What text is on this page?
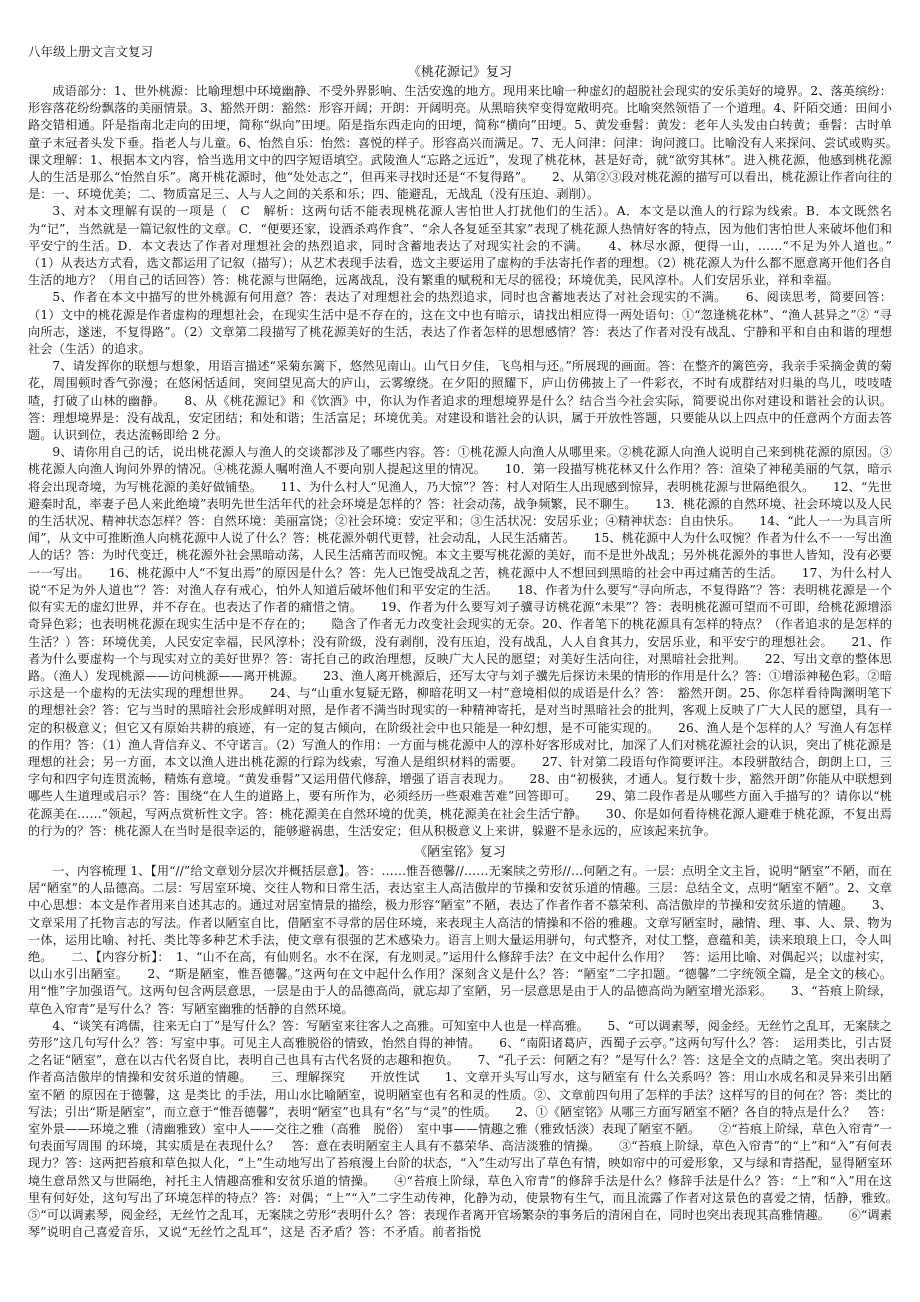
八年级上册文言文复习
《桃花源记》复习

成语部分：1、世外桃源：比喻理想中环境幽静、不受外界影响、生活安逸的地方。现用来比喻一种虚幻的超脱社会现实的安乐美好的境界。2、落英缤纷：形容落花纷纷飘落的美丽情景。3、豁然开朗：豁然：形容开阔；开朗：开阔明亮。从黑暗狭窄变得宽敞明亮。比喻突然领悟了一个道理。4、阡陌交通：田间小路交错相通。阡是指南北走向的田埂，简称“纵向”田埂。陌是指东西走向的田埂，简称“横向”田埂。5、黄发垂髫：黄发：老年人头发由白转黄；垂髫：古时单童子末冠者头发下垂。指老人与儿童。6、怡然自乐：怡然：喜悦的样子。形容高兴而满足。7、无人问津：问津：询问渡口。比喻没有人来探问、尝试或购买。　　课文理解：1、根据本文内容，恰当选用文中的四字短语填空。武陵渔人“忘路之远近”，发现了桃花林，甚是好奇，就“欲穷其林”。进入桃花源，他感到桃花源人的生活是那么“怡然自乐”。离开桃花源时，他“处处志之”，但再来寻找时还是“不复得路”。　　2、从第②③段对桃花源的描写可以看出，桃花源让作者向往的是：一、环境优美；二、物质富足三、人与人之间的关系和乐；四、能避乱，无战乱（没有压迫、剥削）。

3、对本文理解有误的一项是（　C　解析：这两句话不能表现桃花源人害怕世人打扰他们的生活）。A．本文是以渔人的行踪为线索。B．本文既然名为“记”，当然就是一篇记叙性的文章。C．“便要还家，设酒杀鸡作食”、“余人各复延至其家”表现了桃花源人热情好客的特点，因为他们害怕世人来破坏他们和平安宁的生活。D．本文表达了作者对理想社会的热烈追求，同时含蓄地表达了对现实社会的不满。　　4、林尽水源，便得一山，……“不足为外人道也。”　　（1）从表达方式看，选文都运用了记叙（描写）；从艺术表现手法看，选文主要运用了虚构的手法寄托作者的理想。（2）桃花源人为什么都不愿意离开他们各自生活的地方？（用自己的话回答）答：桃花源与世隔绝，远离战乱，没有繁重的赋税和无尽的徭役；环境优美，民风淳朴。人们安居乐业，祥和幸福。

5、作者在本文中描写的世外桃源有何用意？答：表达了对理想社会的热烈追求，同时也含蓄地表达了对社会现实的不满。　　6、阅读思考，简要回答：（1）文中的桃花源是作者虚构的理想社会，在现实生活中是不存在的，这在文中也有暗示，请找出相应得一两处语句：①“忽逢桃花林”、“渔人甚异之”② “寻向所志，遂迷，不复得路”。（2）文章第二段描写了桃花源美好的生活，表达了作者怎样的思想感情？答：表达了作者对没有战乱、宁静和平和自由和谐的理想社会（生活）的追求。

7、请发挥你的联想与想象，用语言描述“采菊东篱下，悠然见南山。山气日夕佳，飞鸟相与还。”所展现的画面。答：在整齐的篱笆旁，我亲手采摘金黄的菊花，周围顿时香气弥漫；在悠闲恬适间，突间望见高大的庐山，云雾缭绕。在夕阳的照耀下，庐山仿佛披上了一件彩衣，不时有成群结对归巢的鸟儿，吱吱喳喳，打破了山林的幽静。　　8、从《桃花源记》和《饮酒》中，你认为作者追求的理想境界是什么？结合当今社会实际，简要说出你对建设和谐社会的认识。答：理想境界是：没有战乱，安定团结；和处和谐；生活富足；环境优美。对建设和谐社会的认识，属于开放性答题，只要能从以上四点中的任意两个方面去答题。认识到位，表达流畅即给 2 分。

9、请你用自己的话，说出桃花源人与渔人的交谈都涉及了哪些内容。答：①桃花源人向渔人从哪里来。②桃花源人向渔人说明自己来到桃花源的原因。③桃花源人向渔人询问外界的情况。④桃花源人嘱咐渔人不要向别人提起这里的情况。　　10．第一段描写桃花林又什么作用？答：渲染了神秘美丽的气氛，暗示将会出现奇境，为写桃花源的美好做铺垫。　　11、为什么村人“见渔人，乃大惊”？答：村人对陌生人出现感到惊异，表明桃花源与世隔绝很久。　　12、“先世避秦时乱，率妻子邑人来此绝境”表明先世生活年代的社会环境是怎样的？答：社会动荡，战争频繁，民不聊生。　　13．桃花源的自然环境、社会环境以及人民的生活状况、精神状态怎样？答：自然环境：美丽富饶；②社会环境：安定平和；③生活状况：安居乐业；④精神状态：自由快乐。　　14、“此人一一为具言所闻”，从文中可推断渔人向桃花源中人说了什么？答：桃花源外朝代更替，社会动乱，人民生活痛苦。　　15、桃花源中人为什么叹惋？作者为什么不一一写出渔人的话？答：为时代变迁，桃花源外社会黑暗动荡，人民生活痛苦而叹惋。本文主要写桃花源的美好，而不是世外战乱；另外桃花源外的事世人皆知，没有必要一一写出。　　16、桃花源中人“不复出焉”的原因是什么？答：先人已饱受战乱之苦，桃花源中人不想回到黑暗的社会中再过痛苦的生活。　　17、为什么村人说“不足为外人道也”？答：对渔人存有戒心，怕外人知道后破坏他们和平安定的生活。　　18、作者为什么要写“寻向所志，不复得路”？答：表明桃花源是一个似有实无的虚幻世界，并不存在。也表达了作者的痛惜之情。　　19、作者为什么要写刘子骥寻访桃花源“未果”？答：表明桃花源可望而不可即，给桃花源增添奇异色彩；也表明桃花源在现实生活中是不存在的；　　隐含了作者无力改变社会现实的无奈。20、作者笔下的桃花源具有怎样的特点？（作者追求的是怎样的生活？）答：环境优美，人民安定幸福，民风淳朴；没有阶级，没有剥削，没有压迫，没有战乱，人人自食其力，安居乐业，和平安宁的理想社会。　　21、作者为什么要虚构一个与现实对立的美好世界？答：寄托自己的政治理想，反映广大人民的愿望；对美好生活向往，对黑暗社会批判。　　22、写出文章的整体思路。（渔人）发现桃源——访问桃源——离开桃源。　　23、渔人离开桃源后，还写太守与刘子骥先后探访未果的情形的作用是什么？答：①增添神秘色彩。②暗示这是一个虚构的无法实现的理想世界。　　24、与“山重水复疑无路，柳暗花明又一村”意境相似的成语是什么？答：　豁然开朗。25、你怎样看待陶渊明笔下的理想社会？答：它与当时的黑暗社会形成鲜明对照，是作者不满当时现实的一种精神寄托，是对当时黑暗社会的批判，客观上反映了广大人民的愿望，具有一定的积极意义；但它又有原始共耕的痕迹，有一定的复古倾向，在阶级社会中也只能是一种幻想，是不可能实现的。　　26、渔人是个怎样的人？写渔人有怎样的作用？答：（1）渔人背信弃义、不守诺言。（2）写渔人的作用：一方面与桃花源中人的淳朴好客形成对比，加深了人们对桃花源社会的认识，突出了桃花源是理想的社会；另一方面，本文以渔人进出桃花源的行踪为线索，写渔人是组织材料的需要。　　27、针对第二段语句作简要评注。本段骈散结合，朗朗上口，三字句和四字句连贯流畅，精炼有意境。“黄发垂髫”又运用借代修辞，增强了语言表现力。　　28、由“初极狭，才通人。复行数十步，豁然开朗”你能从中联想到哪些人生道理或启示？答：围绕“在人生的道路上，要有所作为，必须经历一些艰难苦难”回答即可。　　29、第二段作者是从哪些方面入手描写的？请你以“桃花源美在……”领起，写两点赏析性文字。答：桃花源美在自然环境的优美，桃花源美在社会生活宁静。　　30、你是如何看待桃花源人避难于桃花源，不复出焉的行为的？答：桃花源人在当时是很幸运的，能够避祸患，生活安定；但从积极意义上来讲，躲避不是永远的，应该起来抗争。

《陋室铭》复习

一、内容梳理 1、【用“//”给文章划分层次并概括层意】。答：……惟吾德馨//……无案牍之劳形//…何陋之有。一层：点明全文主旨，说明“陋室”不陋，而在居“陋室”的人品德高。二层：写居室环境、交往人物和日常生活，表达室主人高洁傲岸的节操和安贫乐道的情趣。三层：总结全文，点明“陋室不陋”。2、文章中心思想：本文是作者用来自述其志的。通过对居室情景的描绘，极力形容“陋室”不陋，表达了作者作者不慕荣利、高洁傲岸的节操和安贫乐道的情趣。　　3、文章采用了托物言志的写法。作者以陋室自比，借陋室不寻常的居住环境，来表现主人高洁的情操和不俗的雅趣。文章写陋室时，融情、理、事、人、景、物为一体，运用比喻、衬托、类比等多种艺术手法，使文章有很强的艺术感染力。语言上则大量运用骈句，句式整齐，对仗工整，意蕴和美，读来琅琅上口，令人叫绝。　　二、【内容分析】：　1、“山不在高，有仙则名。水不在深，有龙则灵。”运用什么修辞手法？在文中起什么作用？　答：运用比喻、对偶起兴；以虚衬实，以山水引出陋室。　　2、“斯是陋室，惟吾德馨。”这两句在文中起什么作用？深刻含义是什么？答：“陋室”二字扣题。“德馨”二字统领全篇，是全文的核心。用“惟”字加强语气。这两句包含两层意思，一层是由于人的品德高尚，就忘却了室陋，另一层意思是由于人的品德高尚为陋室增光添彩。　　3、“苔痕上阶绿，草色入帘青”是写什么？答：写陋室幽雅的恬静的自然环境。

4、“谈笑有鸿儒，往来无白丁”是写什么？答：写陋室来往客人之高雅。可知室中人也是一样高雅。　　5、“可以调素琴，阅金经。无丝竹之乱耳，无案牍之劳形”这几句写什么？答：写室中事。可见主人高雅脱俗的情致，怡然自得的神情。　　6、“南阳诸葛庐，西蜀子云亭。”这两句写什么？答：　运用类比，引古贤之名证“陋室”，意在以古代名贤自比，表明自己也具有古代名贤的志趣和抱负。　　7、“孔子云：何陋之有？”是写什么？答：这是全文的点睛之笔。突出表明了作者高洁傲岸的情操和安贫乐道的情趣。　　三、理解探究　　开放性试　　1、文章开头写山写水，这与陋室有 什么关系吗？答：用山水成名和灵异来引出陋室不陋 的原因在于德馨，这 是类比 的手法，用山水比喻陋室，说明陋室也有名和灵的性质。②、文章前四句用了怎样的手法？这样写的目的何在？答：类比的写法；引出“斯是陋室”，而立意于“惟吾德馨”，表明“陋室”也具有“名”与“灵”的性质。　　2、①《陋室铭》从哪三方面写陋室不陋？各自的特点是什么？　答：室外景——环境之雅（清幽雅致）室中人——交往之雅（高雅　脱俗）　室中事——情趣之雅（雅致恬淡）表现了陋室不陋。　　②“苔痕上阶绿，草色入帘青”一句表面写周围 的环境，其实质是在表现什么？　答：意在表明陋室主人具有不慕荣华、高洁淡雅的情操。　　③“苔痕上阶绿，草色入帘青”的“上”和“入”有何表现力？答：这两把苔痕和草色拟人化，“上”生动地写出了苔痕漫上台阶的状态，“入”生动写出了草色有情，映如帘中的可爱形象，又与绿和青搭配，显得陋室环境生意昂然又与世隔绝，衬托主人情趣高雅和安贫乐道的情操。　　④“苔痕上阶绿，草色入帘青”的修辞手法是什么？修辞手法是什么？答：“上”和“入”用在这里有何好处，这句写出了环境怎样的特点？答：对偶；“上”“入”二字生动传神，化静为动，使景物有生气，而且流露了作者对这景色的喜爱之情，恬静，雅致。　　⑤“可以调素琴，阅金经，无丝竹之乱耳，无案牍之劳形“表明什么？答：表现作者离开官场繁杂的事务后的清闲自在，同时也突出表现其高雅情趣。　　⑥“调素琴”说明自己喜爱音乐，又说“无丝竹之乱耳”，这是 否矛盾？答：不矛盾。前者指悦
